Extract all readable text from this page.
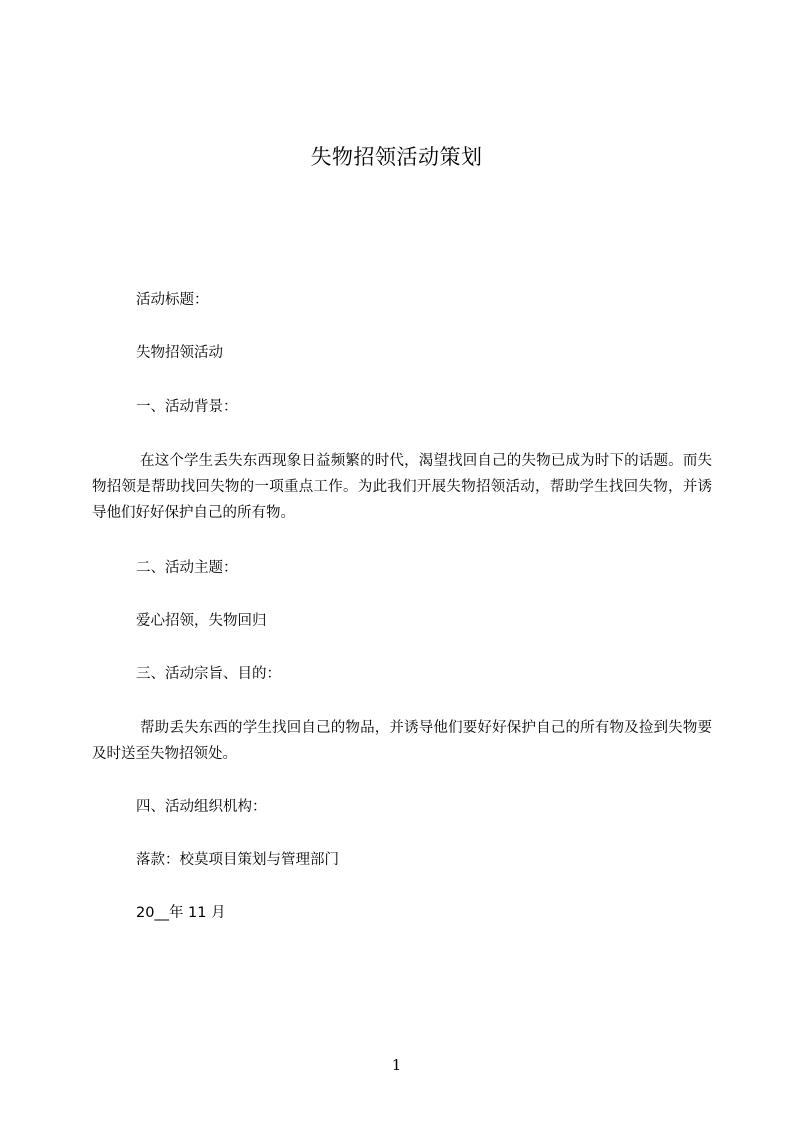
失物招领活动策划
活动标题：
失物招领活动
一、活动背景：
在这个学生丢失东西现象日益频繁的时代，渴望找回自己的失物已成为时下的话题。而失物招领是帮助找回失物的一项重点工作。为此我们开展失物招领活动，帮助学生找回失物，并诱导他们好好保护自己的所有物。
二、活动主题：
爱心招领，失物回归
三、活动宗旨、目的：
帮助丢失东西的学生找回自己的物品，并诱导他们要好好保护自己的所有物及捡到失物要及时送至失物招领处。
四、活动组织机构：
落款：校莫项目策划与管理部门
20__年 11 月
1
